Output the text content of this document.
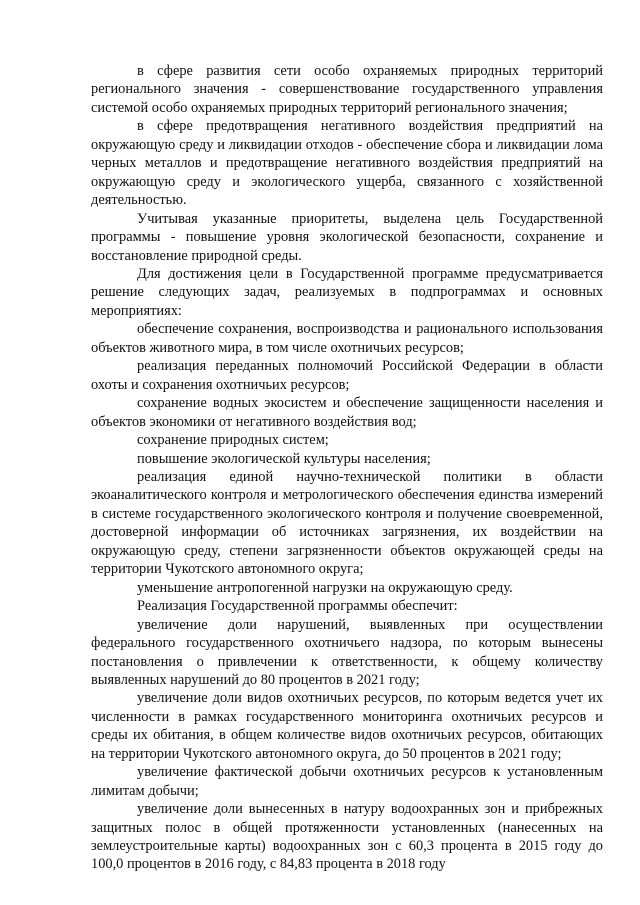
в сфере развития сети особо охраняемых природных территорий регионального значения - совершенствование государственного управления системой особо охраняемых природных территорий регионального значения;

в сфере предотвращения негативного воздействия предприятий на окружающую среду и ликвидации отходов - обеспечение сбора и ликвидации лома черных металлов и предотвращение негативного воздействия предприятий на окружающую среду и экологического ущерба, связанного с хозяйственной деятельностью.

Учитывая указанные приоритеты, выделена цель Государственной программы - повышение уровня экологической безопасности, сохранение и восстановление природной среды.

Для достижения цели в Государственной программе предусматривается решение следующих задач, реализуемых в подпрограммах и основных мероприятиях:

обеспечение сохранения, воспроизводства и рационального использования объектов животного мира, в том числе охотничьих ресурсов;

реализация переданных полномочий Российской Федерации в области охоты и сохранения охотничьих ресурсов;

сохранение водных экосистем и обеспечение защищенности населения и объектов экономики от негативного воздействия вод;

сохранение природных систем;

повышение экологической культуры населения;

реализация единой научно-технической политики в области экоаналитического контроля и метрологического обеспечения единства измерений в системе государственного экологического контроля и получение своевременной, достоверной информации об источниках загрязнения, их воздействии на окружающую среду, степени загрязненности объектов окружающей среды на территории Чукотского автономного округа;

уменьшение антропогенной нагрузки на окружающую среду.

Реализация Государственной программы обеспечит:

увеличение доли нарушений, выявленных при осуществлении федерального государственного охотничьего надзора, по которым вынесены постановления о привлечении к ответственности, к общему количеству выявленных нарушений до 80 процентов в 2021 году;

увеличение доли видов охотничьих ресурсов, по которым ведется учет их численности в рамках государственного мониторинга охотничьих ресурсов и среды их обитания, в общем количестве видов охотничьих ресурсов, обитающих на территории Чукотского автономного округа, до 50 процентов в 2021 году;

увеличение фактической добычи охотничьих ресурсов к установленным лимитам добычи;

увеличение доли вынесенных в натуру водоохранных зон и прибрежных защитных полос в общей протяженности установленных (нанесенных на землеустроительные карты) водоохранных зон с 60,3 процента в 2015 году до 100,0 процентов в 2016 году, с 84,83 процента в 2018 году
